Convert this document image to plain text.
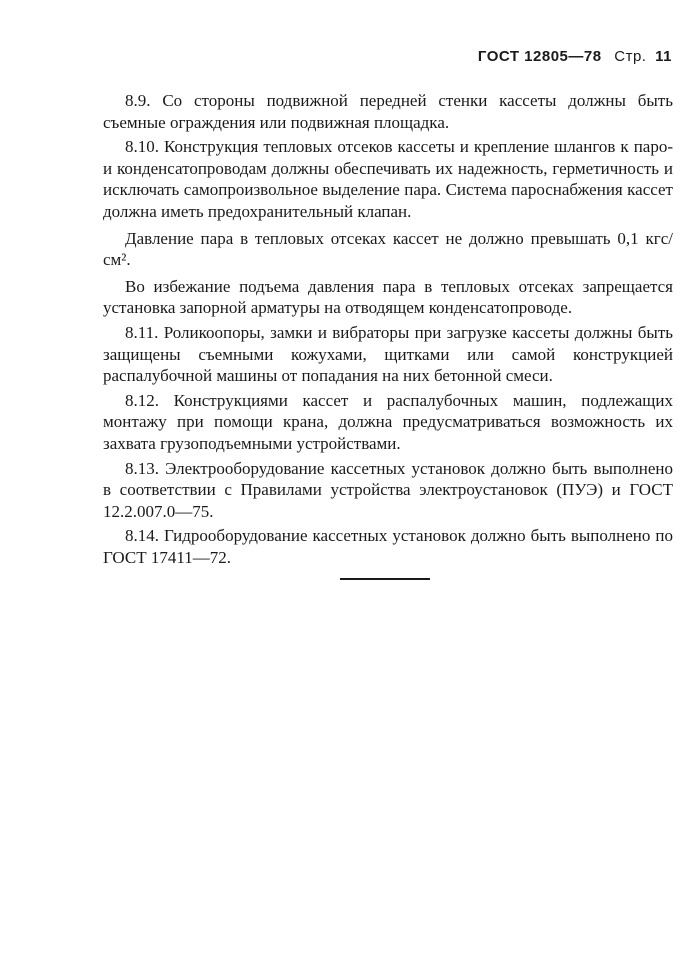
ГОСТ 12805—78 Стр. 11

8.9. Со стороны подвижной передней стенки кассеты должны быть съемные ограждения или подвижная площадка.

8.10. Конструкция тепловых отсеков кассеты и крепление шлангов к паро- и конденсатопроводам должны обеспечивать их надежность, герметичность и исключать самопроизвольное выделение пара. Система пароснабжения кассет должна иметь предохранительный клапан.

Давление пара в тепловых отсеках кассет не должно превышать 0,1 кгс/см².

Во избежание подъема давления пара в тепловых отсеках запрещается установка запорной арматуры на отводящем конденсатопроводе.

8.11. Роликоопоры, замки и вибраторы при загрузке кассеты должны быть защищены съемными кожухами, щитками или самой конструкцией распалубочной машины от попадания на них бетонной смеси.

8.12. Конструкциями кассет и распалубочных машин, подлежащих монтажу при помощи крана, должна предусматриваться возможность их захвата грузоподъемными устройствами.

8.13. Электрооборудование кассетных установок должно быть выполнено в соответствии с Правилами устройства электроустановок (ПУЭ) и ГОСТ 12.2.007.0—75.

8.14. Гидрооборудование кассетных установок должно быть выполнено по ГОСТ 17411—72.
